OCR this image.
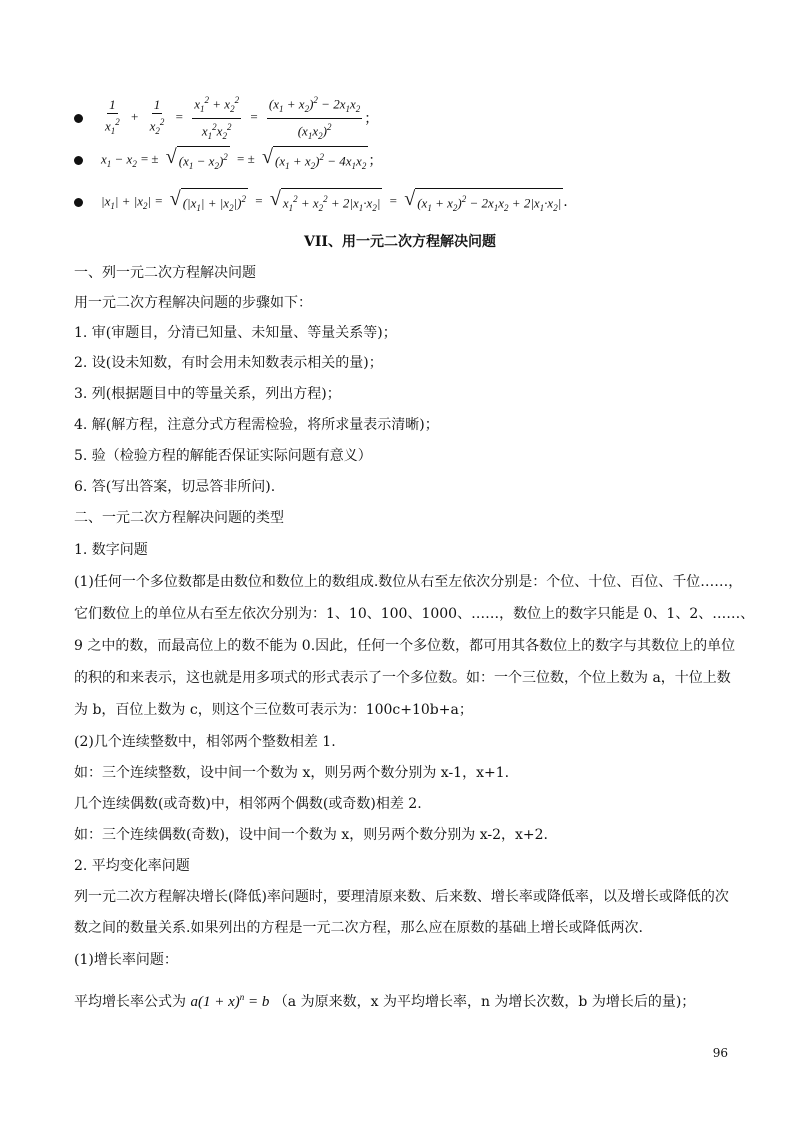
$\frac{1}{x_1^2} + \frac{1}{x_2^2} = \frac{x_1^2 + x_2^2}{x_1^2x_2^2} = \frac{(x_1 + x_2)^2 - 2x_1x_2}{(x_1x_2)^2}$ ；
$x_1 - x_2$ = ± √ $(x_1 - x_2)^2$ = ± √ $(x_1 + x_2)^2 - 4x_1x_2$ ；
$|x_1| + |x_2|$ = √ $(|x_1| + |x_2|)^2$ = √ $x_1^2 + x_2^2 + 2|x_1\cdot x_2|$ = √ $(x_1 + x_2)^2 - 2x_1x_2 + 2|x_1\cdot x_2|$ .
VII、用一元二次方程解决问题
一、列一元二次方程解决问题
用一元二次方程解决问题的步骤如下：
1. 审(审题目，分清已知量、未知量、等量关系等)；
2. 设(设未知数，有时会用未知数表示相关的量)；
3. 列(根据题目中的等量关系，列出方程)；
4. 解(解方程，注意分式方程需检验，将所求量表示清晰)；
5. 验（检验方程的解能否保证实际问题有意义）
6. 答(写出答案，切忌答非所问).
二、一元二次方程解决问题的类型
1. 数字问题
(1)任何一个多位数都是由数位和数位上的数组成.数位从右至左依次分别是：个位、十位、百位、千位……，
它们数位上的单位从右至左依次分别为：1、10、100、1000、……，数位上的数字只能是 0、1、2、……、
9 之中的数，而最高位上的数不能为 0.因此，任何一个多位数，都可用其各数位上的数字与其数位上的单位
的积的和来表示，这也就是用多项式的形式表示了一个多位数。如：一个三位数，个位上数为 a，十位上数
为 b，百位上数为 c，则这个三位数可表示为：100c+10b+a；
(2)几个连续整数中，相邻两个整数相差 1.
如：三个连续整数，设中间一个数为 x，则另两个数分别为 x-1，x+1.
几个连续偶数(或奇数)中，相邻两个偶数(或奇数)相差 2.
如：三个连续偶数(奇数)，设中间一个数为 x，则另两个数分别为 x-2，x+2.
2. 平均变化率问题
列一元二次方程解决增长(降低)率问题时，要理清原来数、后来数、增长率或降低率，以及增长或降低的次
数之间的数量关系.如果列出的方程是一元二次方程，那么应在原数的基础上增长或降低两次.
(1)增长率问题：
平均增长率公式为 $a(1 + x)^n = b$ （a 为原来数，x 为平均增长率，n 为增长次数，b 为增长后的量)；
96
